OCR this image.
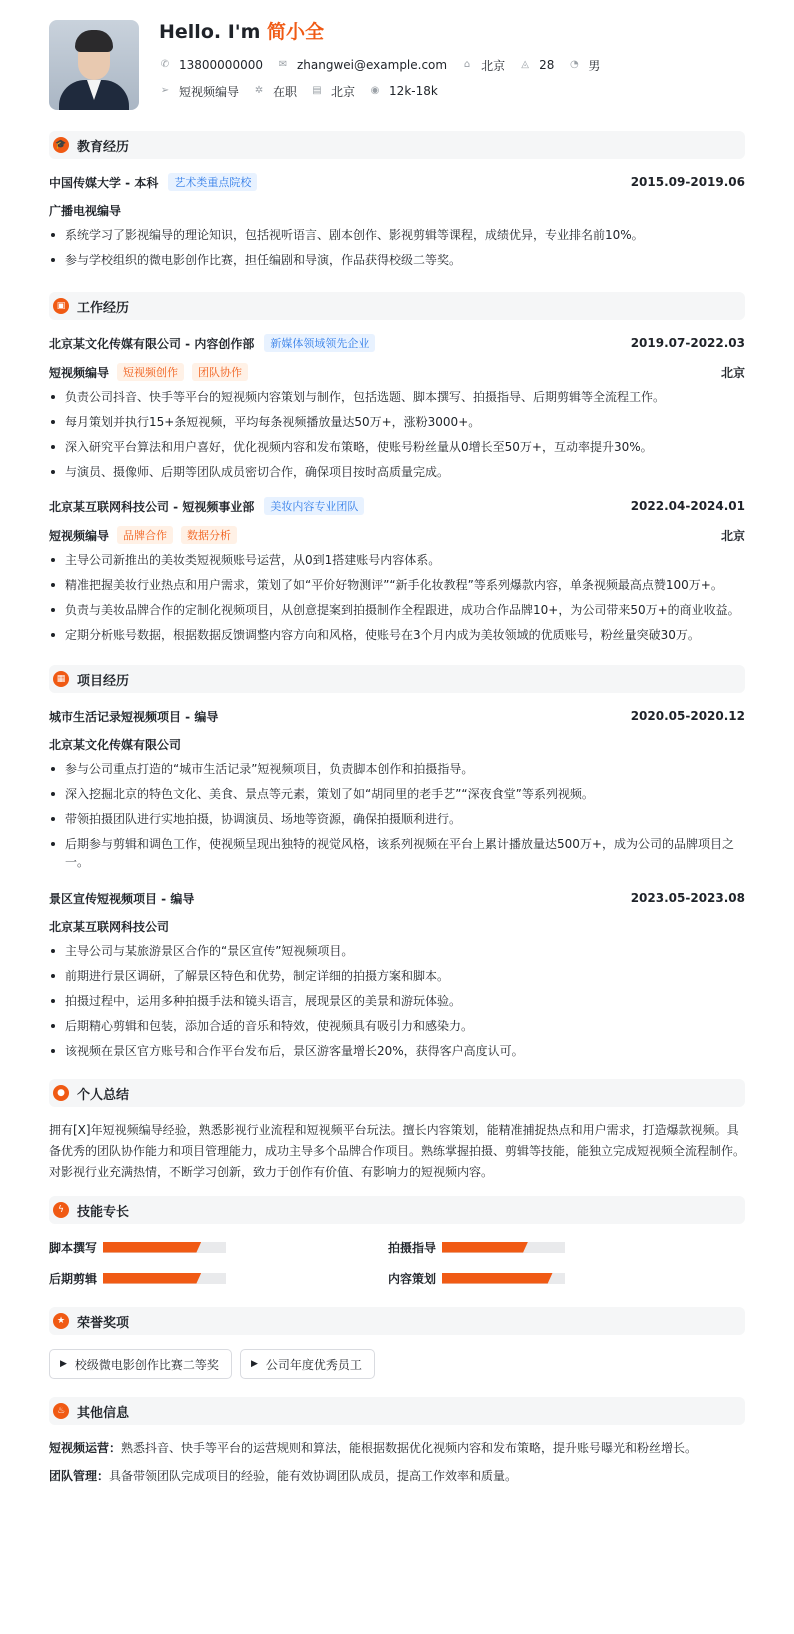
Hello. I'm 简小全
✆ 13800000000 ✉ zhangwei@example.com ⌂ 北京 ◬ 28 ◔ 男
➢ 短视频编导 ✲ 在职 ▤ 北京 ◉ 12k-18k
🎓 教育经历
中国传媒大学 - 本科	艺术类重点院校	2015.09-2019.06
广播电视编导
系统学习了影视编导的理论知识，包括视听语言、剧本创作、影视剪辑等课程，成绩优异，专业排名前10%。
参与学校组织的微电影创作比赛，担任编剧和导演，作品获得校级二等奖。
▣ 工作经历
北京某文化传媒有限公司 - 内容创作部	新媒体领域领先企业	2019.07-2022.03
短视频编导	短视频创作	团队协作	北京
负责公司抖音、快手等平台的短视频内容策划与制作，包括选题、脚本撰写、拍摄指导、后期剪辑等全流程工作。
每月策划并执行15+条短视频，平均每条视频播放量达50万+，涨粉3000+。
深入研究平台算法和用户喜好，优化视频内容和发布策略，使账号粉丝量从0增长至50万+，互动率提升30%。
与演员、摄像师、后期等团队成员密切合作，确保项目按时高质量完成。
北京某互联网科技公司 - 短视频事业部	美妆内容专业团队	2022.04-2024.01
短视频编导	品牌合作	数据分析	北京
主导公司新推出的美妆类短视频账号运营，从0到1搭建账号内容体系。
精准把握美妆行业热点和用户需求，策划了如“平价好物测评”“新手化妆教程”等系列爆款内容，单条视频最高点赞100万+。
负责与美妆品牌合作的定制化视频项目，从创意提案到拍摄制作全程跟进，成功合作品牌10+，为公司带来50万+的商业收益。
定期分析账号数据，根据数据反馈调整内容方向和风格，使账号在3个月内成为美妆领域的优质账号，粉丝量突破30万。
▦ 项目经历
城市生活记录短视频项目 - 编导	2020.05-2020.12
北京某文化传媒有限公司
参与公司重点打造的“城市生活记录”短视频项目，负责脚本创作和拍摄指导。
深入挖掘北京的特色文化、美食、景点等元素，策划了如“胡同里的老手艺”“深夜食堂”等系列视频。
带领拍摄团队进行实地拍摄，协调演员、场地等资源，确保拍摄顺利进行。
后期参与剪辑和调色工作，使视频呈现出独特的视觉风格，该系列视频在平台上累计播放量达500万+，成为公司的品牌项目之一。
景区宣传短视频项目 - 编导	2023.05-2023.08
北京某互联网科技公司
主导公司与某旅游景区合作的“景区宣传”短视频项目。
前期进行景区调研，了解景区特色和优势，制定详细的拍摄方案和脚本。
拍摄过程中，运用多种拍摄手法和镜头语言，展现景区的美景和游玩体验。
后期精心剪辑和包装，添加合适的音乐和特效，使视频具有吸引力和感染力。
该视频在景区官方账号和合作平台发布后，景区游客量增长20%，获得客户高度认可。
● 个人总结
拥有[X]年短视频编导经验，熟悉影视行业流程和短视频平台玩法。擅长内容策划，能精准捕捉热点和用户需求，打造爆款视频。具备优秀的团队协作能力和项目管理能力，成功主导多个品牌合作项目。熟练掌握拍摄、剪辑等技能，能独立完成短视频全流程制作。对影视行业充满热情，不断学习创新，致力于创作有价值、有影响力的短视频内容。
ϟ	技能专长
脚本撰写	拍摄指导
后期剪辑	内容策划
★ 荣誉奖项
▶ 校级微电影创作比赛二等奖	▶ 公司年度优秀员工
♨ 其他信息
短视频运营：熟悉抖音、快手等平台的运营规则和算法，能根据数据优化视频内容和发布策略，提升账号曝光和粉丝增长。
团队管理：具备带领团队完成项目的经验，能有效协调团队成员，提高工作效率和质量。
